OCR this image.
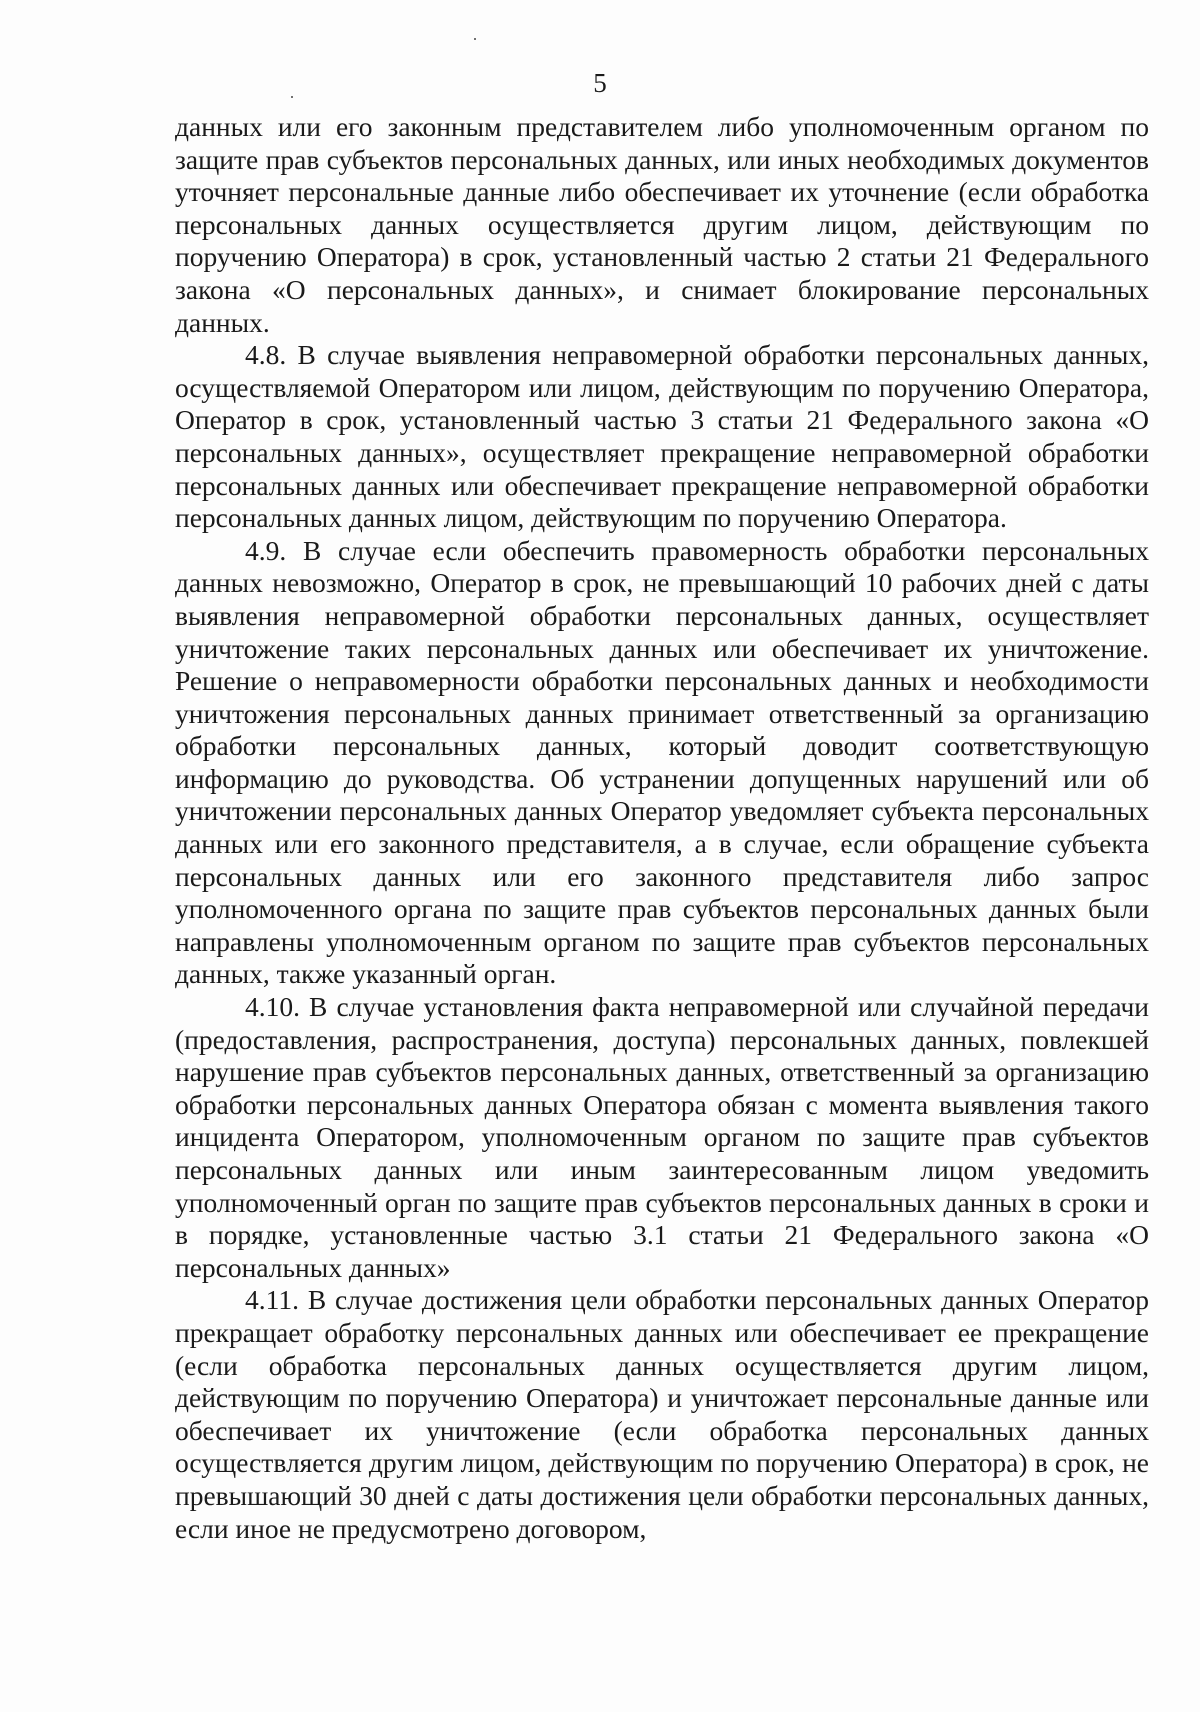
5

данных или его законным представителем либо уполномоченным органом по защите прав субъектов персональных данных, или иных необходимых документов уточняет персональные данные либо обеспечивает их уточнение (если обработка персональных данных осуществляется другим лицом, действующим по поручению Оператора) в срок, установленный частью 2 статьи 21 Федерального закона «О персональных данных», и снимает блокирование персональных данных.

4.8. В случае выявления неправомерной обработки персональных данных, осуществляемой Оператором или лицом, действующим по поручению Оператора, Оператор в срок, установленный частью 3 статьи 21 Федерального закона «О персональных данных», осуществляет прекращение неправомерной обработки персональных данных или обеспечивает прекращение неправомерной обработки персональных данных лицом, действующим по поручению Оператора.

4.9. В случае если обеспечить правомерность обработки персональных данных невозможно, Оператор в срок, не превышающий 10 рабочих дней с даты выявления неправомерной обработки персональных данных, осуществляет уничтожение таких персональных данных или обеспечивает их уничтожение. Решение о неправомерности обработки персональных данных и необходимости уничтожения персональных данных принимает ответственный за организацию обработки персональных данных, который доводит соответствующую информацию до руководства. Об устранении допущенных нарушений или об уничтожении персональных данных Оператор уведомляет субъекта персональных данных или его законного представителя, а в случае, если обращение субъекта персональных данных или его законного представителя либо запрос уполномоченного органа по защите прав субъектов персональных данных были направлены уполномоченным органом по защите прав субъектов персональных данных, также указанный орган.

4.10. В случае установления факта неправомерной или случайной передачи (предоставления, распространения, доступа) персональных данных, повлекшей нарушение прав субъектов персональных данных, ответственный за организацию обработки персональных данных Оператора обязан с момента выявления такого инцидента Оператором, уполномоченным органом по защите прав субъектов персональных данных или иным заинтересованным лицом уведомить уполномоченный орган по защите прав субъектов персональных данных в сроки и в порядке, установленные частью 3.1 статьи 21 Федерального закона «О персональных данных»

4.11. В случае достижения цели обработки персональных данных Оператор прекращает обработку персональных данных или обеспечивает ее прекращение (если обработка персональных данных осуществляется другим лицом, действующим по поручению Оператора) и уничтожает персональные данные или обеспечивает их уничтожение (если обработка персональных данных осуществляется другим лицом, действующим по поручению Оператора) в срок, не превышающий 30 дней с даты достижения цели обработки персональных данных, если иное не предусмотрено договором,
